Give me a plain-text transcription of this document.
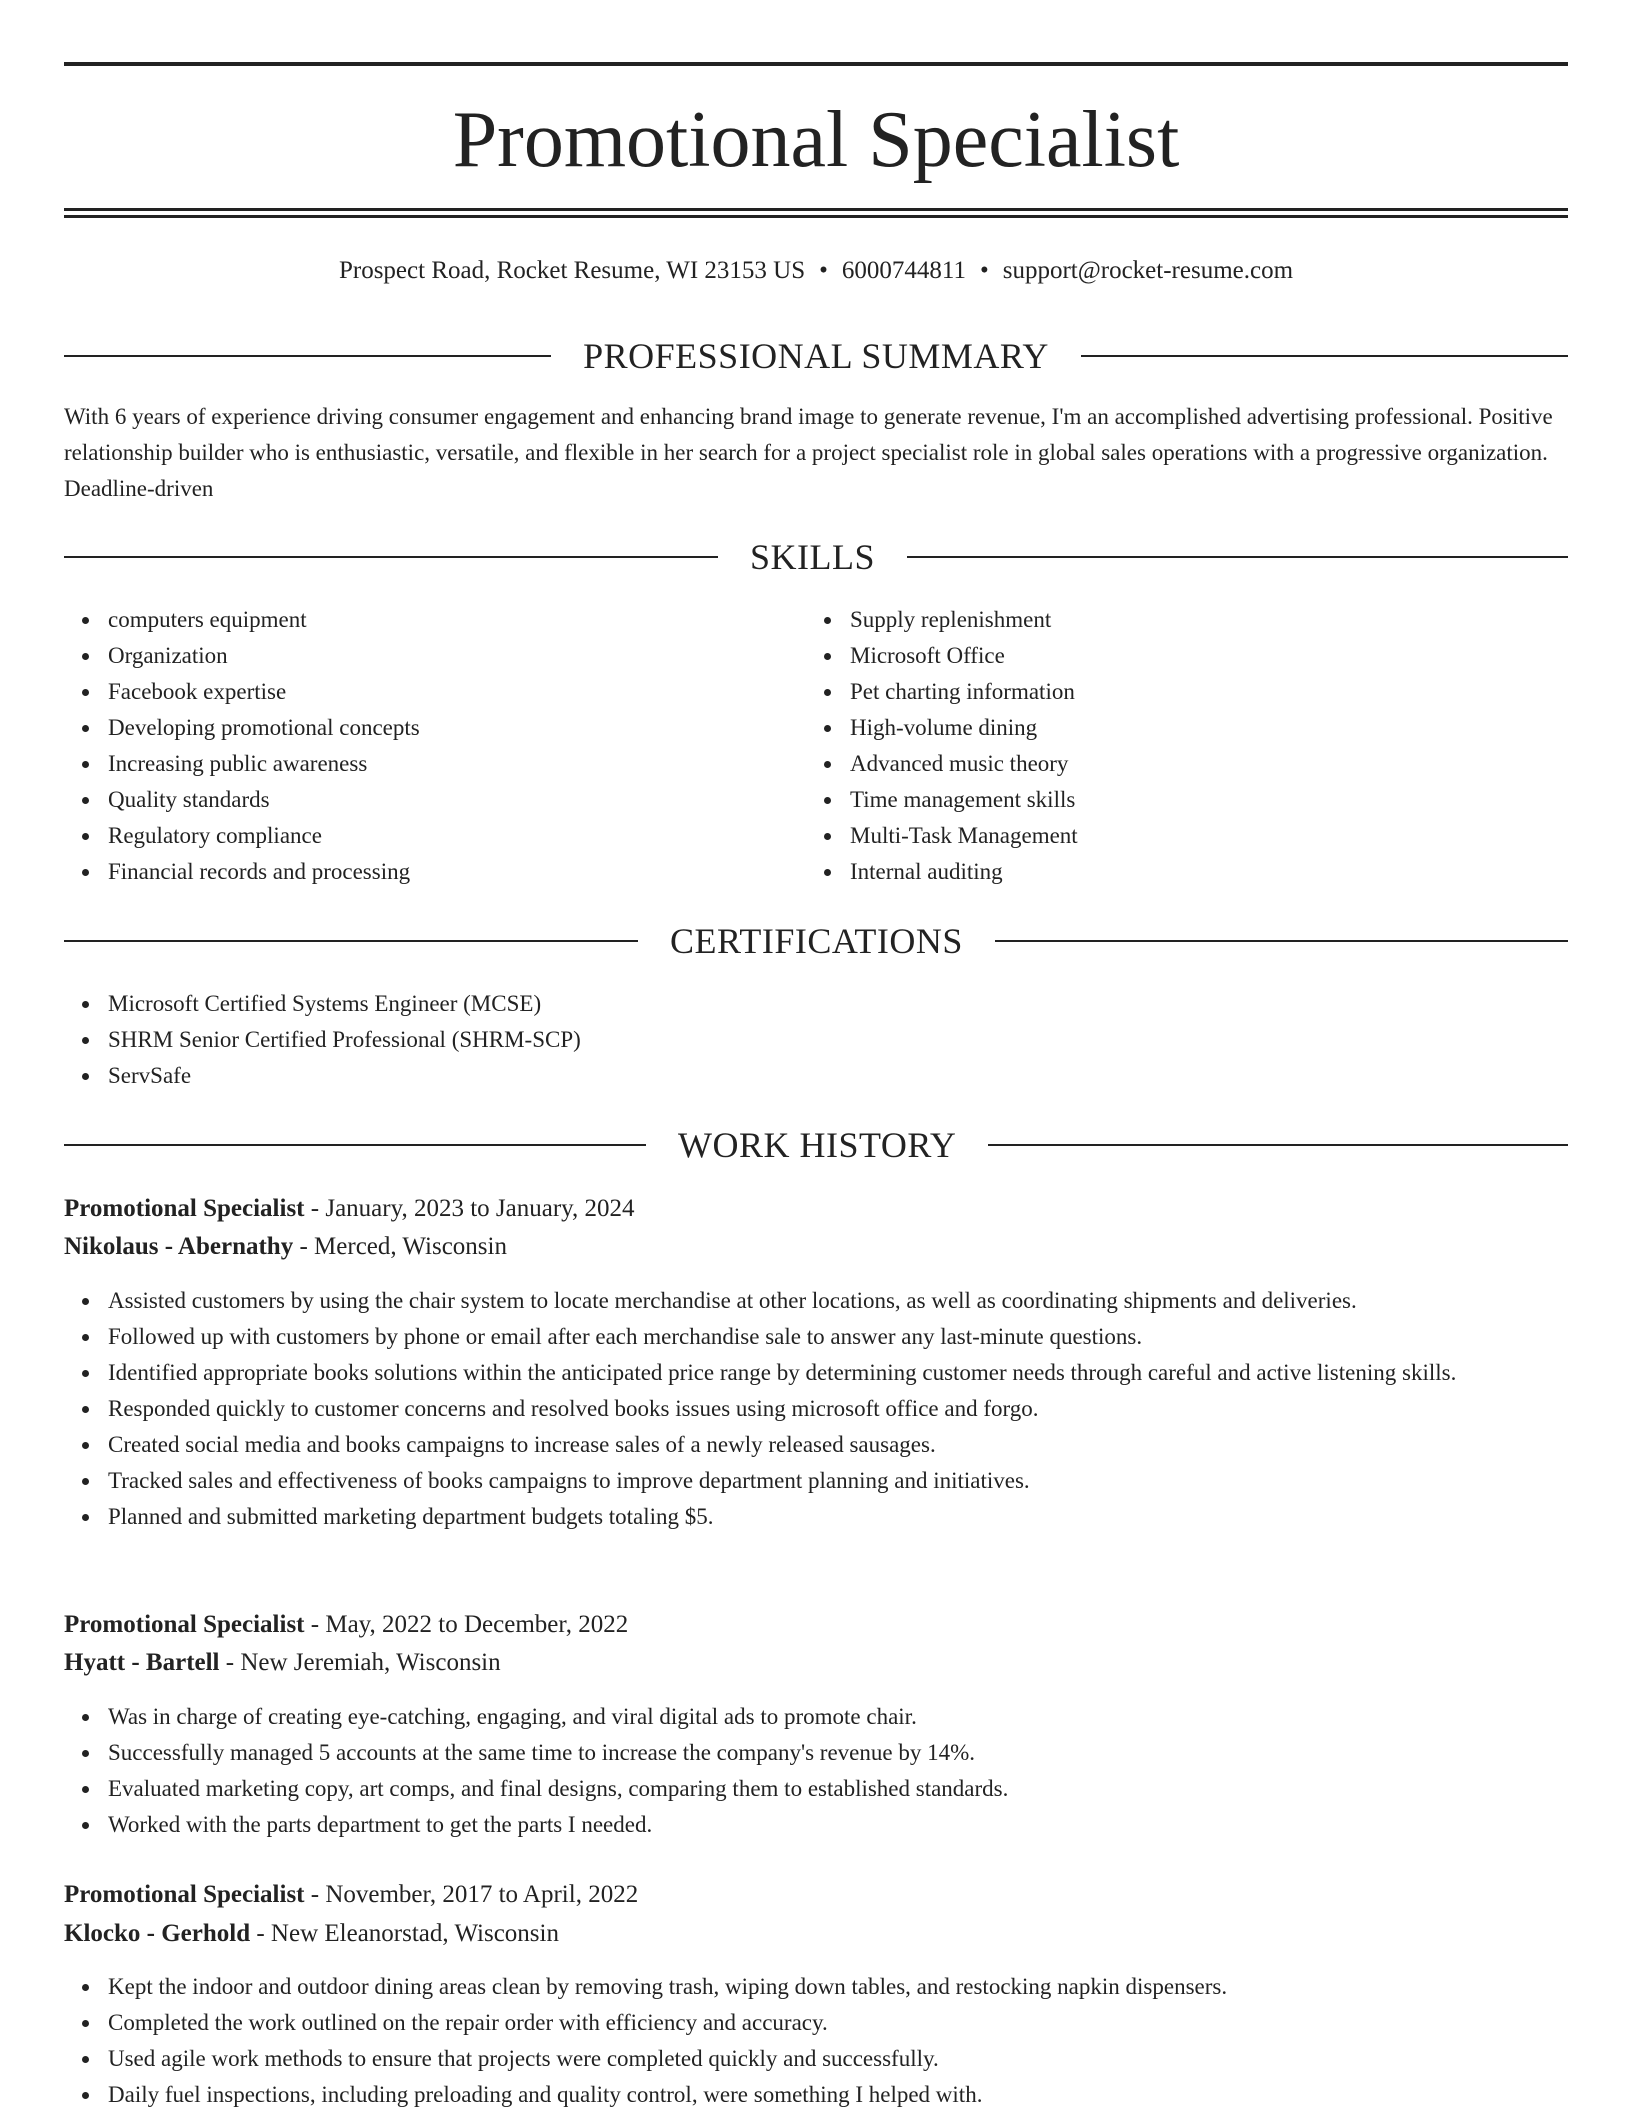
Promotional Specialist
Prospect Road, Rocket Resume, WI 23153 US • 6000744811 • support@rocket-resume.com
PROFESSIONAL SUMMARY
With 6 years of experience driving consumer engagement and enhancing brand image to generate revenue, I'm an accomplished advertising professional. Positive relationship builder who is enthusiastic, versatile, and flexible in her search for a project specialist role in global sales operations with a progressive organization. Deadline-driven
SKILLS
computers equipment
Organization
Facebook expertise
Developing promotional concepts
Increasing public awareness
Quality standards
Regulatory compliance
Financial records and processing
Supply replenishment
Microsoft Office
Pet charting information
High-volume dining
Advanced music theory
Time management skills
Multi-Task Management
Internal auditing
CERTIFICATIONS
Microsoft Certified Systems Engineer (MCSE)
SHRM Senior Certified Professional (SHRM-SCP)
ServSafe
WORK HISTORY
Promotional Specialist - January, 2023 to January, 2024
Nikolaus - Abernathy - Merced, Wisconsin
Assisted customers by using the chair system to locate merchandise at other locations, as well as coordinating shipments and deliveries.
Followed up with customers by phone or email after each merchandise sale to answer any last-minute questions.
Identified appropriate books solutions within the anticipated price range by determining customer needs through careful and active listening skills.
Responded quickly to customer concerns and resolved books issues using microsoft office and forgo.
Created social media and books campaigns to increase sales of a newly released sausages.
Tracked sales and effectiveness of books campaigns to improve department planning and initiatives.
Planned and submitted marketing department budgets totaling $5.
Promotional Specialist - May, 2022 to December, 2022
Hyatt - Bartell - New Jeremiah, Wisconsin
Was in charge of creating eye-catching, engaging, and viral digital ads to promote chair.
Successfully managed 5 accounts at the same time to increase the company's revenue by 14%.
Evaluated marketing copy, art comps, and final designs, comparing them to established standards.
Worked with the parts department to get the parts I needed.
Promotional Specialist - November, 2017 to April, 2022
Klocko - Gerhold - New Eleanorstad, Wisconsin
Kept the indoor and outdoor dining areas clean by removing trash, wiping down tables, and restocking napkin dispensers.
Completed the work outlined on the repair order with efficiency and accuracy.
Used agile work methods to ensure that projects were completed quickly and successfully.
Daily fuel inspections, including preloading and quality control, were something I helped with.
